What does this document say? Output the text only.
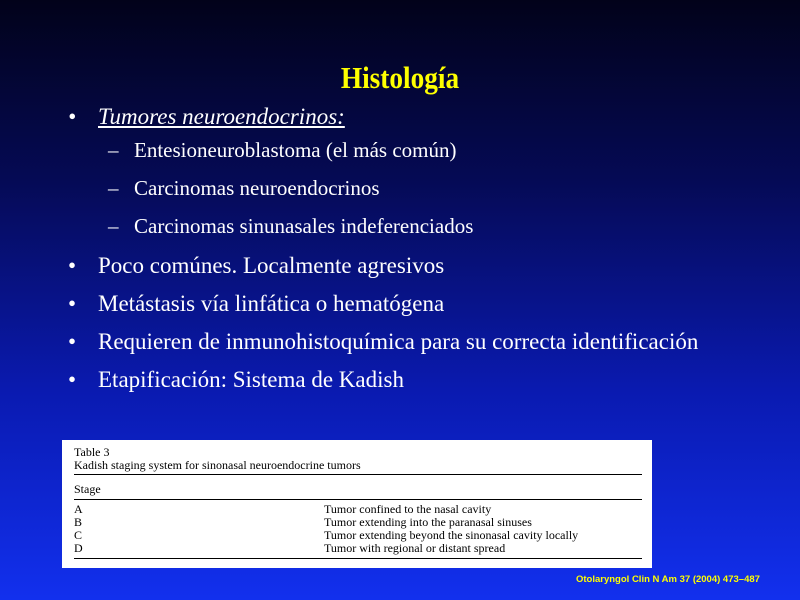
Histología
• Tumores neuroendocrinos:
– Entesioneuroblastoma (el más común)
– Carcinomas neuroendocrinos
– Carcinomas sinunasales indeferenciados
• Poco comúnes. Localmente agresivos
• Metástasis vía linfática o hematógena
• Requieren de inmunohistoquímica para su correcta identificación
• Etapificación: Sistema de Kadish
Table 3
Kadish staging system for sinonasal neuroendocrine tumors
Stage
A	Tumor confined to the nasal cavity
B	Tumor extending into the paranasal sinuses
C	Tumor extending beyond the sinonasal cavity locally
D	Tumor with regional or distant spread
Otolaryngol Clin N Am 37 (2004) 473–487
